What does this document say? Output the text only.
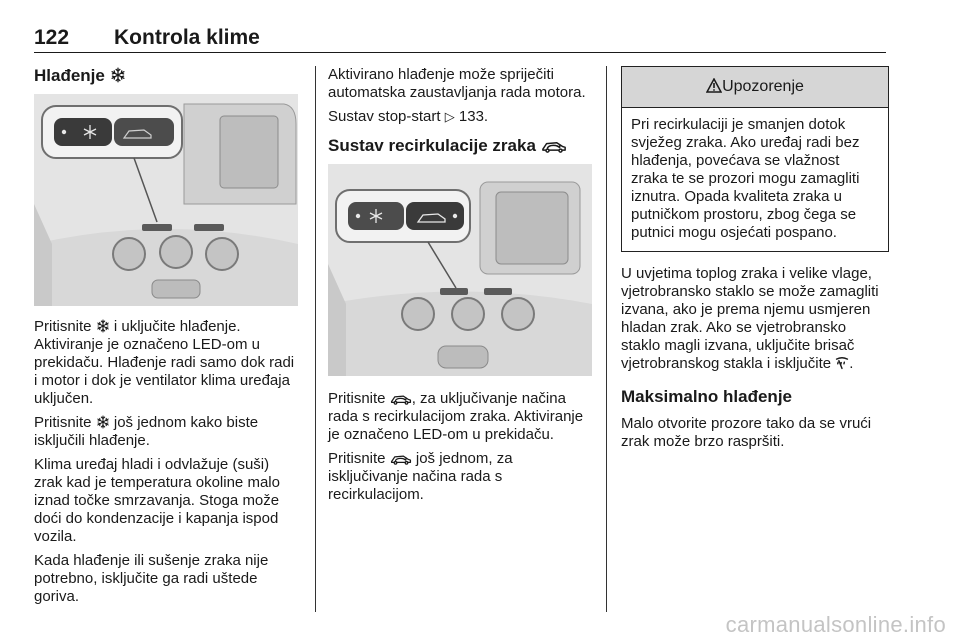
122 Kontrola klime
Hlađenje

Pritisnite  i uključite hlađenje. Aktiviranje je označeno LED-om u prekidaču. Hlađenje radi samo dok radi i motor i dok je ventilator klima uređaja uključen.

Pritisnite  još jednom kako biste isključili hlađenje.

Klima uređaj hladi i odvlažuje (suši) zrak kad je temperatura okoline malo iznad točke smrzavanja. Stoga može doći do kondenzacije i kapanja ispod vozila.

Kada hlađenje ili sušenje zraka nije potrebno, isključite ga radi uštede goriva.

Aktivirano hlađenje može spriječiti automatska zaustavljanja rada motora.

Sustav stop-start ▷ 133.

Sustav recirkulacije zraka

Pritisnite , za uključivanje načina rada s recirkulacijom zraka. Aktiviranje je označeno LED-om u prekidaču.

Pritisnite  još jednom, za isključivanje načina rada s recirkulacijom.

Upozorenje

Pri recirkulaciji je smanjen dotok svježeg zraka. Ako uređaj radi bez hlađenja, povećava se vlažnost zraka te se prozori mogu zamagliti iznutra. Opada kvaliteta zraka u putničkom prostoru, zbog čega se putnici mogu osjećati pospano.

U uvjetima toplog zraka i velike vlage, vjetrobransko staklo se može zamagliti izvana, ako je prema njemu usmjeren hladan zrak. Ako se vjetrobransko staklo magli izvana, uključite brisač vjetrobranskog stakla i isključite .

Maksimalno hlađenje

Malo otvorite prozore tako da se vrući zrak može brzo raspršiti.

carmanualsonline.info
